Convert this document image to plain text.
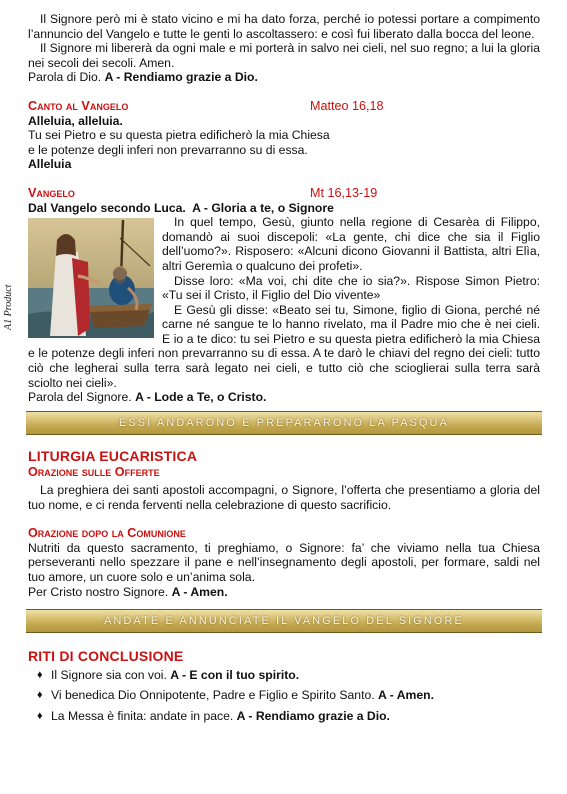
A1 Product

Il Signore però mi è stato vicino e mi ha dato forza, perché io potessi portare a compimento l’annuncio del Vangelo e tutte le genti lo ascoltassero: e così fui liberato dalla bocca del leone.

Il Signore mi libererà da ogni male e mi porterà in salvo nei cieli, nel suo regno; a lui la gloria nei secoli dei secoli. Amen.

Parola di Dio. A - Rendiamo grazie a Dio.

Canto al Vangelo	Matteo 16,18

Alleluia, alleluia.

Tu sei Pietro e su questa pietra edificherò la mia Chiesa

e le potenze degli inferi non prevarranno su di essa.

Alleluia

Vangelo	Mt 16,13-19

Dal Vangelo secondo Luca. A - Gloria a te, o Signore

In quel tempo, Gesù, giunto nella regione di Cesarèa di Filippo, domandò ai suoi discepoli: «La gente, chi dice che sia il Figlio dell’uomo?». Risposero: «Alcuni dicono Giovanni il Battista, altri Elìa, altri Geremìa o qualcuno dei profeti».

Disse loro: «Ma voi, chi dite che io sia?». Rispose Simon Pietro: «Tu sei il Cristo, il Figlio del Dio vivente»

E Gesù gli disse: «Beato sei tu, Simone, figlio di Giona, perché né carne né sangue te lo hanno rivelato, ma il Padre mio che è nei cieli. E io a te dico: tu sei Pietro e su questa pietra edificherò la mia Chiesa e le potenze degli inferi non prevarranno su di essa. A te darò le chiavi del regno dei cieli: tutto ciò che legherai sulla terra sarà legato nei cieli, e tutto ciò che scioglierai sulla terra sarà sciolto nei cieli».

Parola del Signore. A - Lode a Te, o Cristo.

ESSI ANDARONO E PREPARARONO LA PASQUA
LITURGIA EUCARISTICA
Orazione sulle Offerte

La preghiera dei santi apostoli accompagni, o Signore, l’offerta che presentiamo a gloria del tuo nome, e ci renda ferventi nella celebrazione di questo sacrificio.

Orazione dopo la Comunione

Nutriti da questo sacramento, ti preghiamo, o Signore: fa’ che viviamo nella tua Chiesa perseveranti nello spezzare il pane e nell’insegnamento degli apostoli, per formare, saldi nel tuo amore, un cuore solo e un’anima sola.

Per Cristo nostro Signore. A - Amen.

ANDATE E ANNUNCIATE IL VANGELO DEL SIGNORE
RITI DI CONCLUSIONE
♦ Il Signore sia con voi. A - E con il tuo spirito.
♦ Vi benedica Dio Onnipotente, Padre e Figlio e Spirito Santo. A - Amen.
♦ La Messa è finita: andate in pace. A - Rendiamo grazie a Dio.
